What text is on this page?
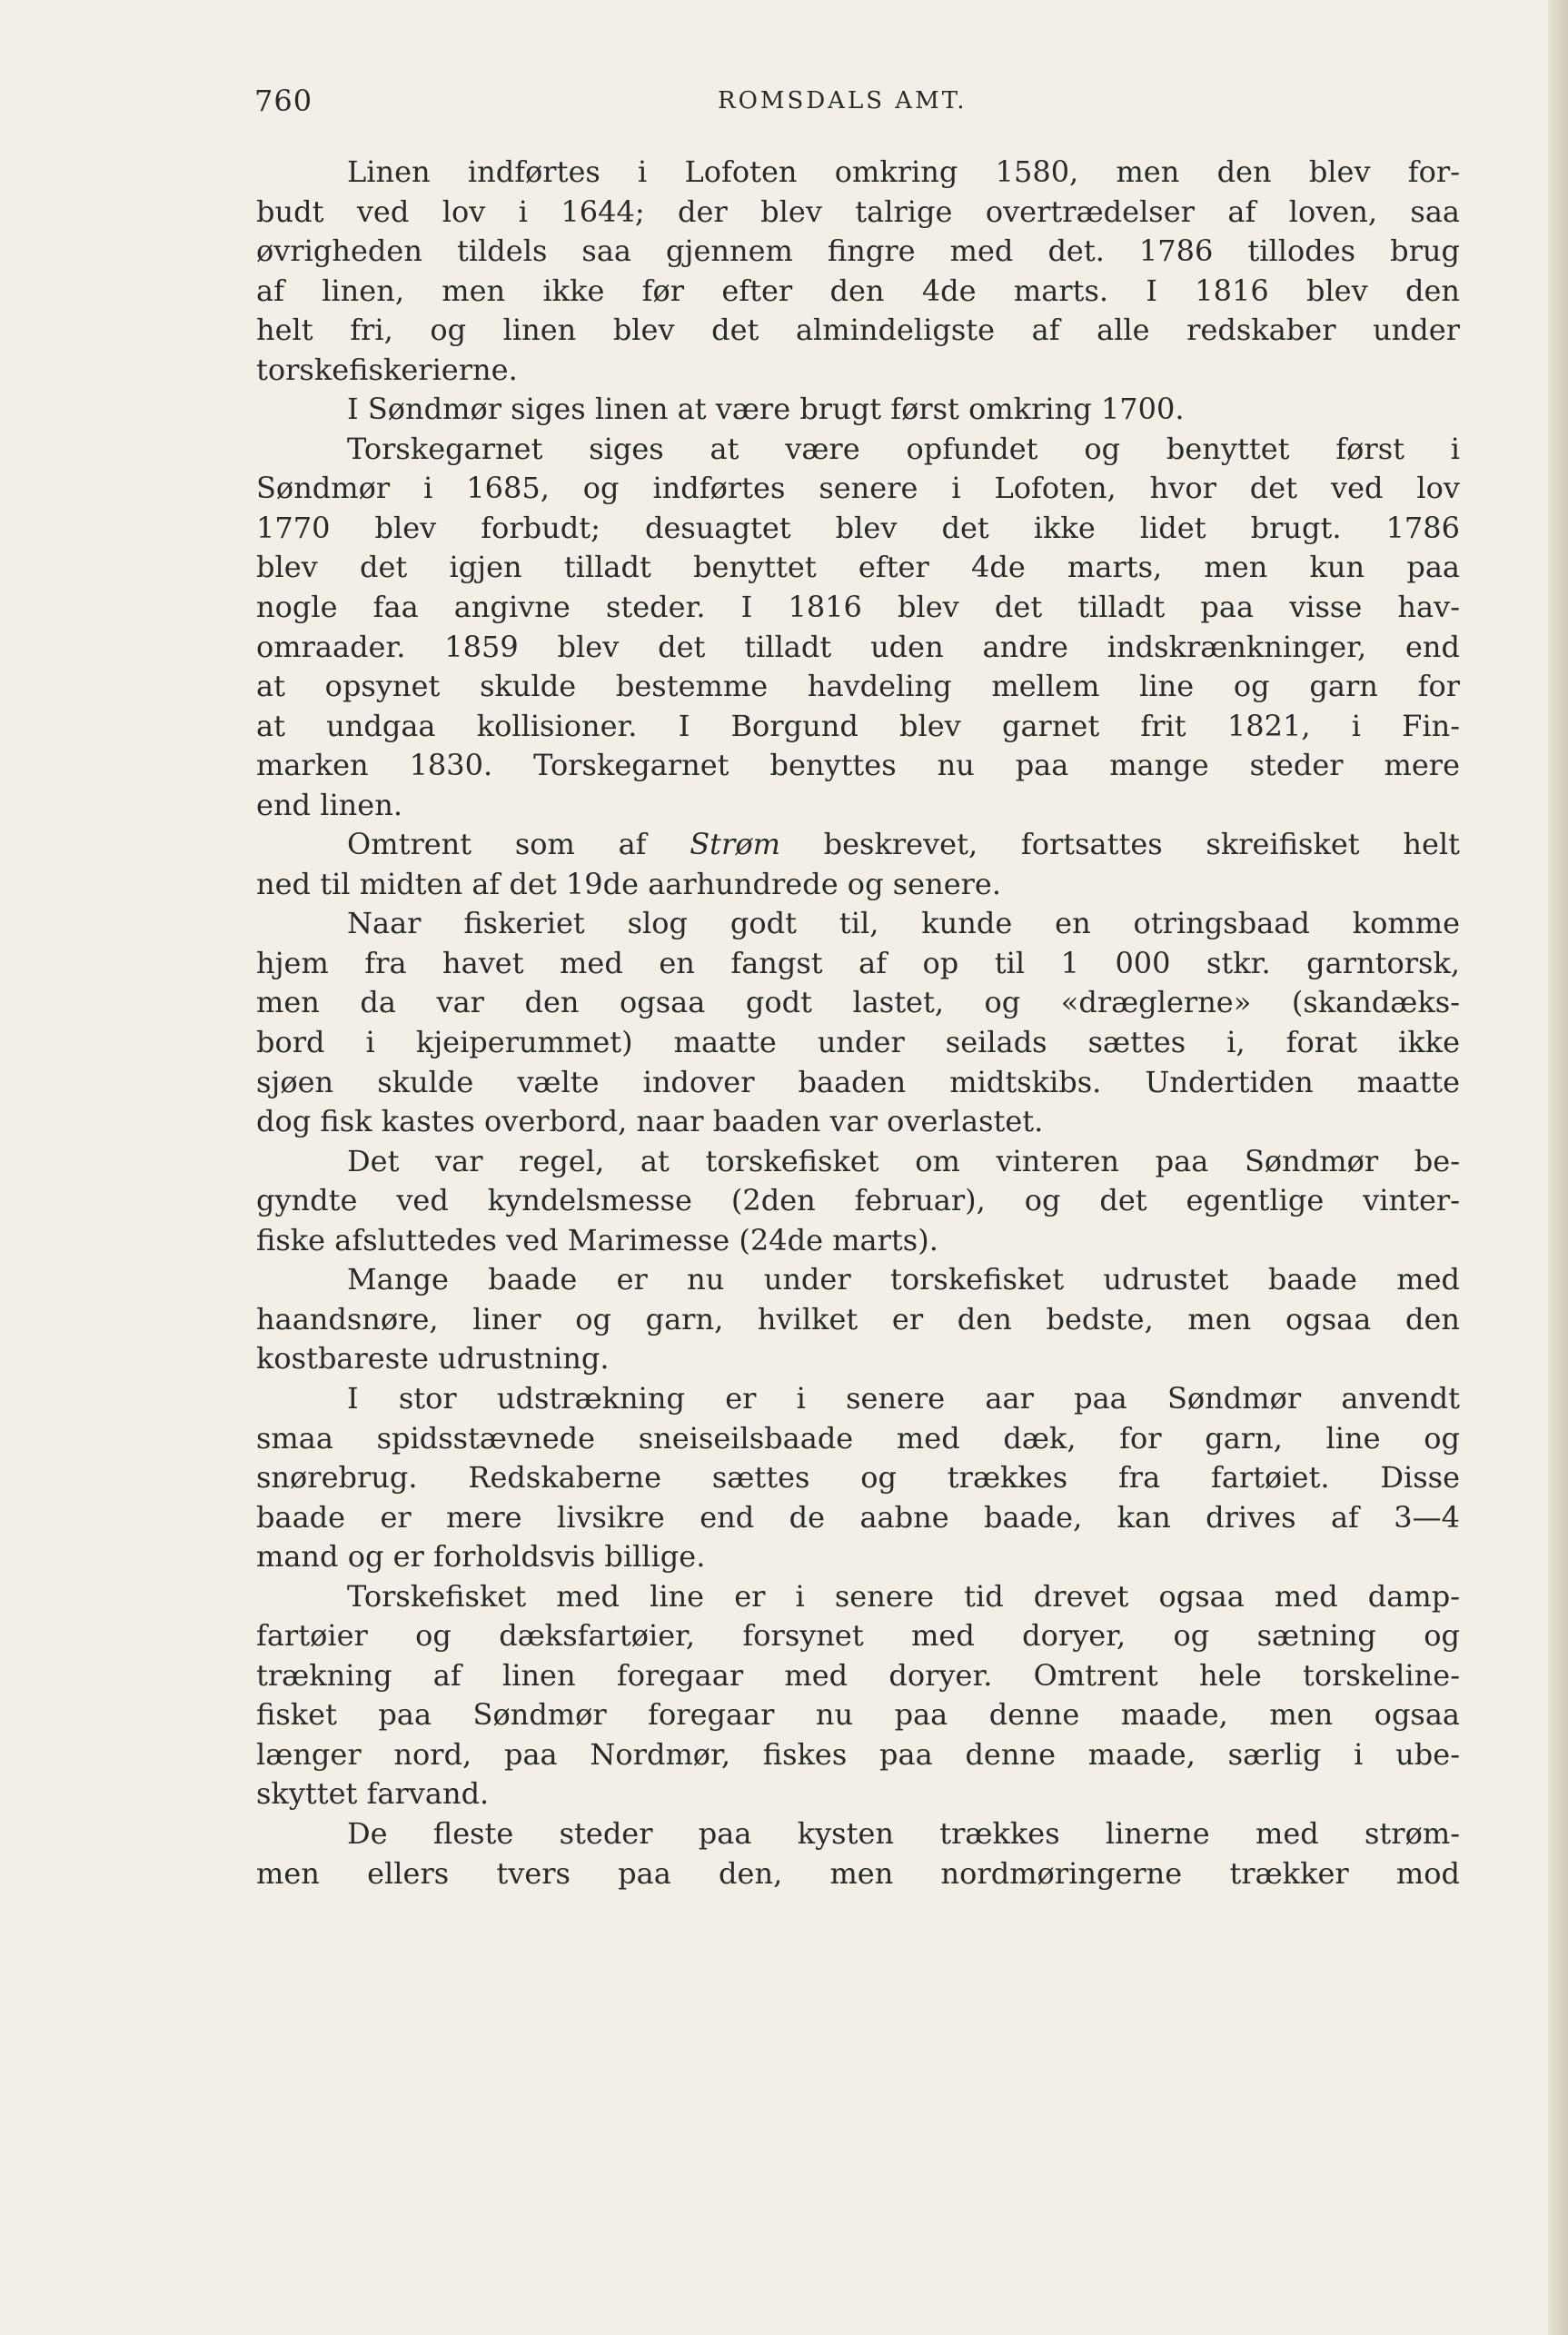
760	ROMSDALS AMT.
Linen indførtes i Lofoten omkring 1580, men den blev for-
budt ved lov i 1644; der blev talrige overtrædelser af loven, saa
øvrigheden tildels saa gjennem fingre med det. 1786 tillodes brug
af linen, men ikke før efter den 4de marts. I 1816 blev den
helt fri, og linen blev det almindeligste af alle redskaber under
torskefiskerierne.
I Søndmør siges linen at være brugt først omkring 1700.
Torskegarnet siges at være opfundet og benyttet først i
Søndmør i 1685, og indførtes senere i Lofoten, hvor det ved lov
1770 blev forbudt; desuagtet blev det ikke lidet brugt. 1786
blev det igjen tilladt benyttet efter 4de marts, men kun paa
nogle faa angivne steder. I 1816 blev det tilladt paa visse hav-
omraader. 1859 blev det tilladt uden andre indskrænkninger, end
at opsynet skulde bestemme havdeling mellem line og garn for
at undgaa kollisioner. I Borgund blev garnet frit 1821, i Fin-
marken 1830. Torskegarnet benyttes nu paa mange steder mere
end linen.
Omtrent som af Strøm beskrevet, fortsattes skreifisket helt
ned til midten af det 19de aarhundrede og senere.
Naar fiskeriet slog godt til, kunde en otringsbaad komme
hjem fra havet med en fangst af op til 1 000 stkr. garntorsk,
men da var den ogsaa godt lastet, og «dræglerne» (skandæks-
bord i kjeiperummet) maatte under seilads sættes i, forat ikke
sjøen skulde vælte indover baaden midtskibs. Undertiden maatte
dog fisk kastes overbord, naar baaden var overlastet.
Det var regel, at torskefisket om vinteren paa Søndmør be-
gyndte ved kyndelsmesse (2den februar), og det egentlige vinter-
fiske afsluttedes ved Marimesse (24de marts).
Mange baade er nu under torskefisket udrustet baade med
haandsnøre, liner og garn, hvilket er den bedste, men ogsaa den
kostbareste udrustning.
I stor udstrækning er i senere aar paa Søndmør anvendt
smaa spidsstævnede sneiseilsbaade med dæk, for garn, line og
snørebrug. Redskaberne sættes og trækkes fra fartøiet. Disse
baade er mere livsikre end de aabne baade, kan drives af 3—4
mand og er forholdsvis billige.
Torskefisket med line er i senere tid drevet ogsaa med damp-
fartøier og dæksfartøier, forsynet med doryer, og sætning og
trækning af linen foregaar med doryer. Omtrent hele torskeline-
fisket paa Søndmør foregaar nu paa denne maade, men ogsaa
længer nord, paa Nordmør, fiskes paa denne maade, særlig i ube-
skyttet farvand.
De fleste steder paa kysten trækkes linerne med strøm-
men ellers tvers paa den, men nordmøringerne trækker mod
